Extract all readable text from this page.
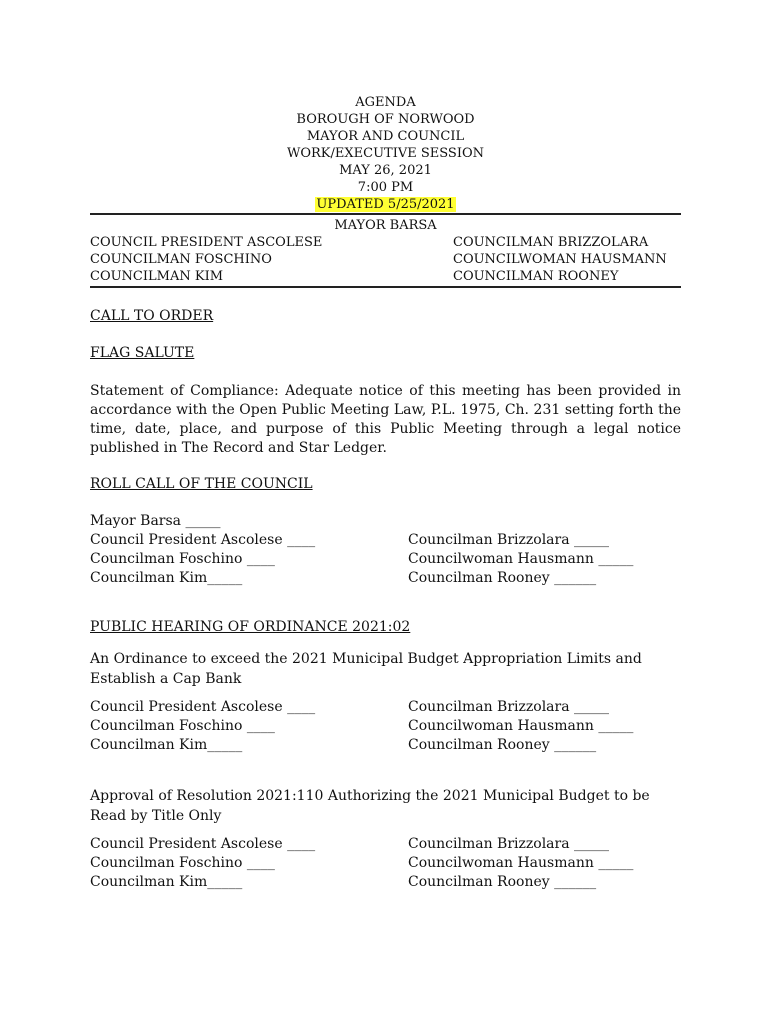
AGENDA
BOROUGH OF NORWOOD
MAYOR AND COUNCIL
WORK/EXECUTIVE SESSION
MAY 26, 2021
7:00 PM
UPDATED 5/25/2021
MAYOR BARSA
COUNCIL PRESIDENT ASCOLESE
COUNCILMAN FOSCHINO
COUNCILMAN KIM
COUNCILMAN BRIZZOLARA
COUNCILWOMAN HAUSMANN
COUNCILMAN ROONEY
CALL TO ORDER
FLAG SALUTE
Statement of Compliance: Adequate notice of this meeting has been provided in accordance with the Open Public Meeting Law, P.L. 1975, Ch. 231 setting forth the time, date, place, and purpose of this Public Meeting through a legal notice published in The Record and Star Ledger.
ROLL CALL OF THE COUNCIL
Mayor Barsa _____
Council President Ascolese ____
Councilman Foschino ____
Councilman Kim_____
Councilman Brizzolara _____
Councilwoman Hausmann _____
Councilman Rooney ______
PUBLIC HEARING OF ORDINANCE 2021:02
An Ordinance to exceed the 2021 Municipal Budget Appropriation Limits and Establish a Cap Bank
Council President Ascolese ____
Councilman Foschino ____
Councilman Kim_____
Councilman Brizzolara _____
Councilwoman Hausmann _____
Councilman Rooney ______
Approval of Resolution 2021:110 Authorizing the 2021 Municipal Budget to be Read by Title Only
Council President Ascolese ____
Councilman Foschino ____
Councilman Kim_____
Councilman Brizzolara _____
Councilwoman Hausmann _____
Councilman Rooney ______
